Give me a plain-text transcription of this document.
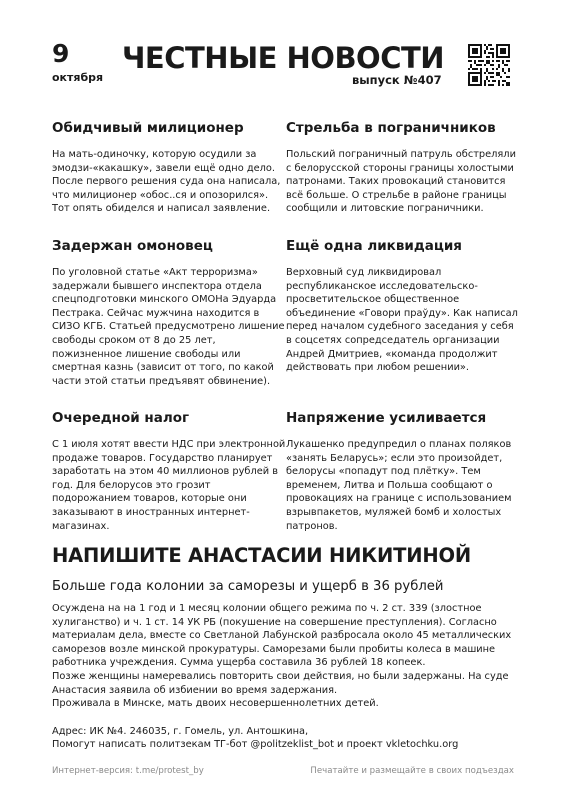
9
октября
ЧЕСТНЫЕ НОВОСТИ
выпуск №407
Обидчивый милиционер

На мать-одиночку, которую осудили за эмодзи-«какашку», завели ещё одно дело. После первого решения суда она написала, что милиционер «обос..ся и опозорился». Тот опять обиделся и написал заявление.

Стрельба в пограничников

Польский пограничный патруль обстреляли с белорусской стороны границы холостыми патронами. Таких провокаций становится всё больше. О стрельбе в районе границы сообщили и литовские пограничники.

Задержан омоновец

По уголовной статье «Акт терроризма» задержали бывшего инспектора отдела спецподготовки минского ОМОНа Эдуарда Пестрака. Сейчас мужчина находится в СИЗО КГБ. Статьей предусмотрено лишение свободы сроком от 8 до 25 лет, пожизненное лишение свободы или смертная казнь (зависит от того, по какой части этой статьи предъявят обвинение).

Ещё одна ликвидация

Верховный суд ликвидировал республиканское исследовательско-просветительское общественное объединение «Говори праўду». Как написал перед началом судебного заседания у себя в соцсетях сопредседатель организации Андрей Дмитриев, «команда продолжит действовать при любом решении».

Очередной налог

С 1 июля хотят ввести НДС при электронной продаже товаров. Государство планирует заработать на этом 40 миллионов рублей в год. Для белорусов это грозит подорожанием товаров, которые они заказывают в иностранных интернет-магазинах.

Напряжение усиливается

Лукашенко предупредил о планах поляков «занять Беларусь»; если это произойдет, белорусы «попадут под плётку». Тем временем, Литва и Польша сообщают о провокациях на границе с использованием взрывпакетов, муляжей бомб и холостых патронов.

НАПИШИТЕ АНАСТАСИИ НИКИТИНОЙ
Больше года колонии за саморезы и ущерб в 36 рублей

Осуждена на на 1 год и 1 месяц колонии общего режима по ч. 2 ст. 339 (злостное хулиганство) и ч. 1 ст. 14 УК РБ (покушение на совершение преступления). Согласно материалам дела, вместе со Светланой Лабунской разбросала около 45 металлических саморезов возле минской прокуратуры. Саморезами были пробиты колеса в машине работника учреждения. Сумма ущерба составила 36 рублей 18 копеек.

Позже женщины намеревались повторить свои действия, но были задержаны. На суде Анастасия заявила об избиении во время задержания.

Проживала в Минске, мать двоих несовершеннолетних детей.

Адрес: ИК №4. 246035, г. Гомель, ул. Антошкина,

Помогут написать политзекам ТГ-бот @politzeklist_bot и проект vkletochku.org

Интернет-версия: t.me/protest_by	Печатайте и размещайте в своих подъездах
